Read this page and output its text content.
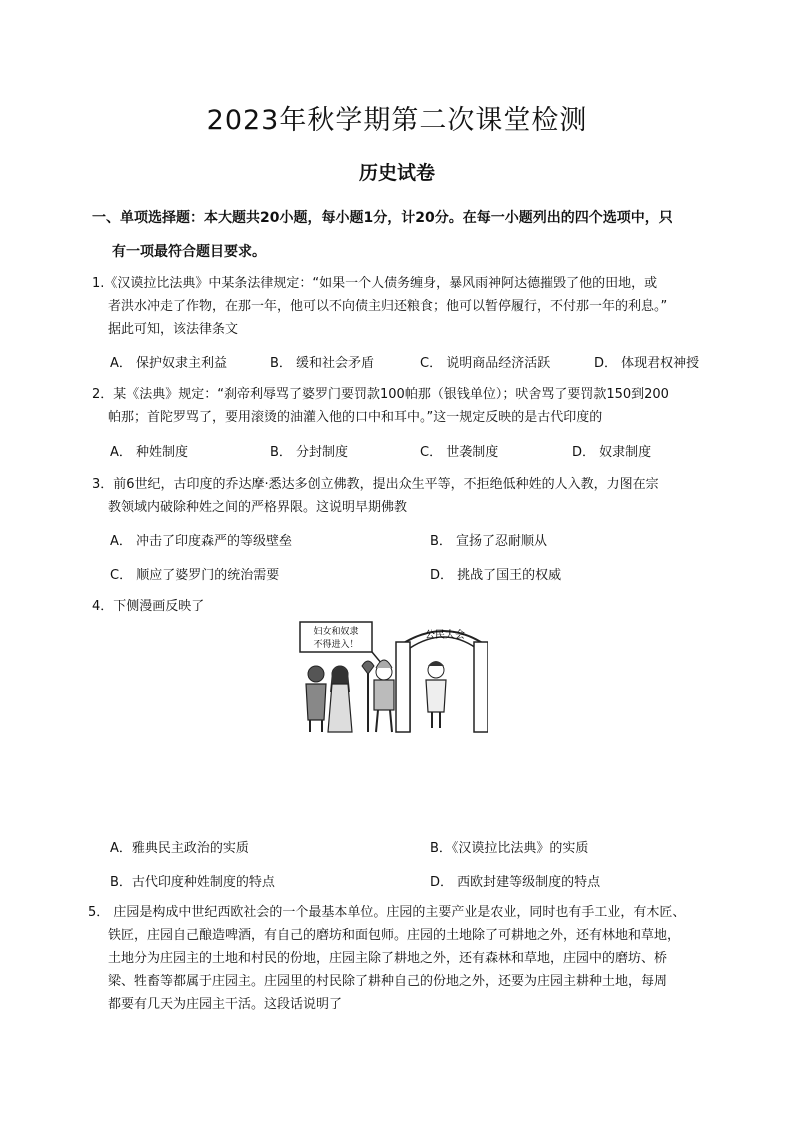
2023年秋学期第二次课堂检测
历史试卷
一、单项选择题：本大题共20小题，每小题1分，计20分。在每一小题列出的四个选项中，只
有一项最符合题目要求。
1.《汉谟拉比法典》中某条法律规定：“如果一个人债务缠身，暴风雨神阿达德摧毁了他的田地，或
者洪水冲走了作物，在那一年，他可以不向债主归还粮食；他可以暂停履行，不付那一年的利息。”
据此可知，该法律条文
A． 保护奴隶主利益	B． 缓和社会矛盾	C． 说明商品经济活跃	D． 体现君权神授
2．某《法典》规定：“刹帝利辱骂了婆罗门要罚款100帕那（银钱单位）；吠舍骂了要罚款150到200
帕那；首陀罗骂了，要用滚烫的油灌入他的口中和耳中。”这一规定反映的是古代印度的
A． 种姓制度	B． 分封制度	C． 世袭制度	D． 奴隶制度
3．前6世纪，古印度的乔达摩·悉达多创立佛教，提出众生平等，不拒绝低种姓的人入教，力图在宗
教领域内破除种姓之间的严格界限。这说明早期佛教
A． 冲击了印度森严的等级壁垒	B． 宣扬了忍耐顺从
C． 顺应了婆罗门的统治需要	D． 挑战了国王的权威
4．下侧漫画反映了
公民大会
妇女和奴隶
不得进入！
A．雅典民主政治的实质	B．《汉谟拉比法典》的实质
B．古代印度种姓制度的特点	D． 西欧封建等级制度的特点
5． 庄园是构成中世纪西欧社会的一个最基本单位。庄园的主要产业是农业，同时也有手工业，有木匠、
铁匠，庄园自己酿造啤酒，有自己的磨坊和面包师。庄园的土地除了可耕地之外，还有林地和草地，
土地分为庄园主的土地和村民的份地，庄园主除了耕地之外，还有森林和草地，庄园中的磨坊、桥
梁、牲畜等都属于庄园主。庄园里的村民除了耕种自己的份地之外，还要为庄园主耕种土地，每周
都要有几天为庄园主干活。这段话说明了
